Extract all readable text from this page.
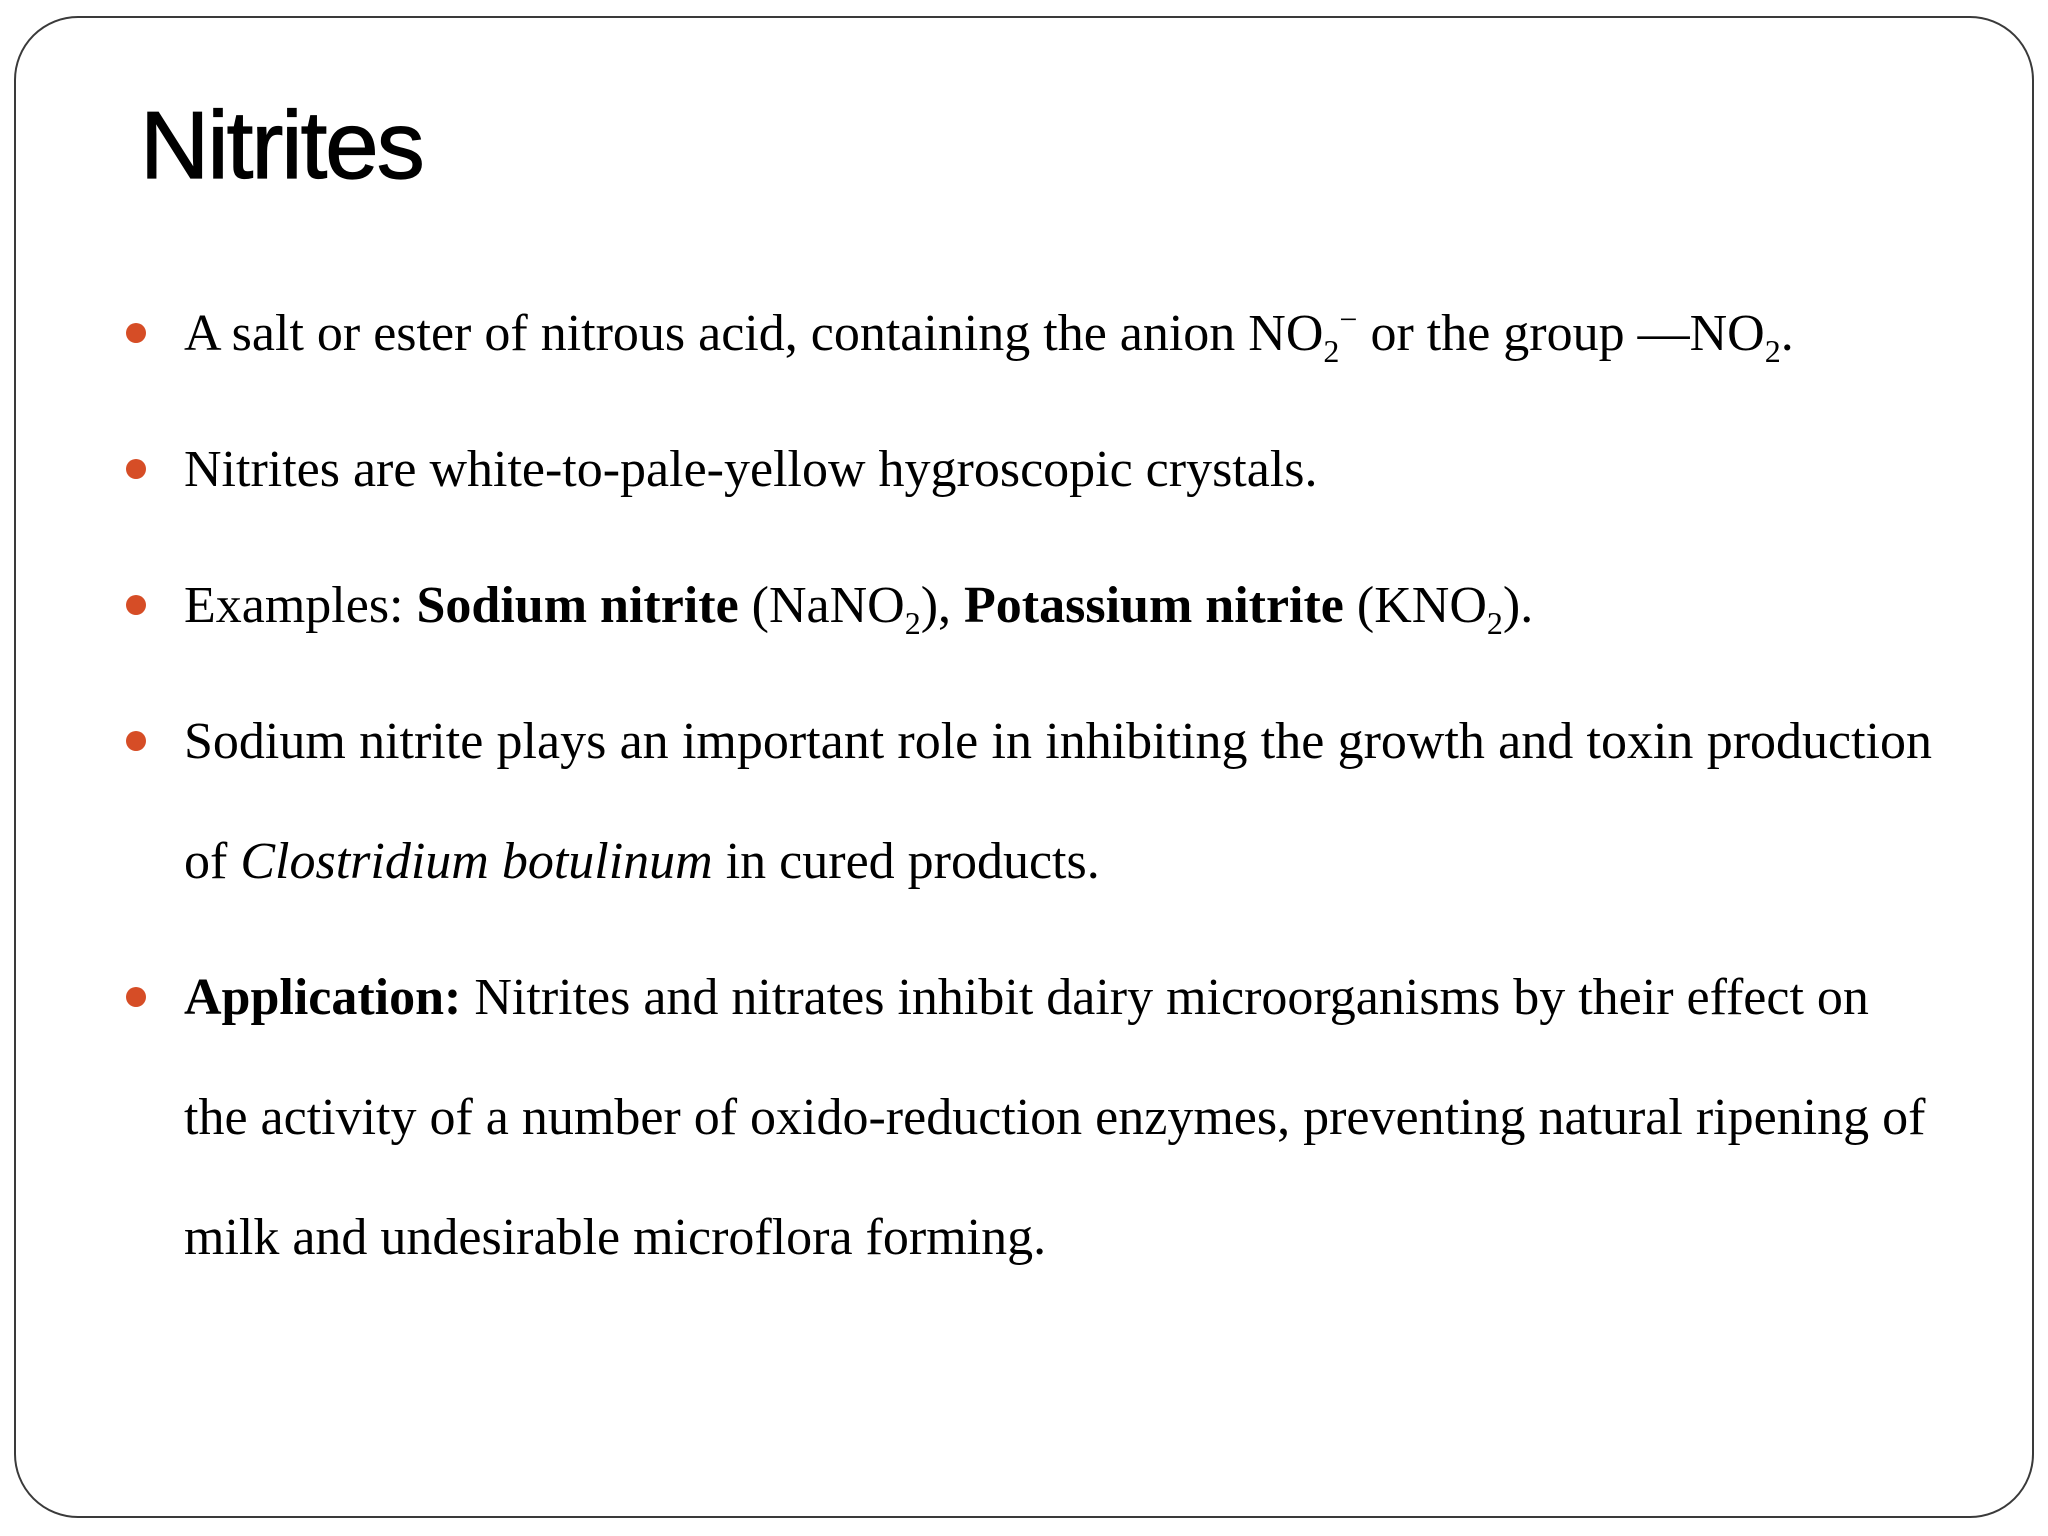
Nitrites
A salt or ester of nitrous acid, containing the anion $NO_2^-$ or the group $—NO_2$.
Nitrites are white-to-pale-yellow hygroscopic crystals.
Examples: Sodium nitrite (NaNO$_2$), Potassium nitrite $(KNO_2)$.
Sodium nitrite plays an important role in inhibiting the growth and toxin production of Clostridium botulinum in cured products.
Application: Nitrites and nitrates inhibit dairy microorganisms by their effect on the activity of a number of oxido-reduction enzymes, preventing natural ripening of milk and undesirable microflora forming.
